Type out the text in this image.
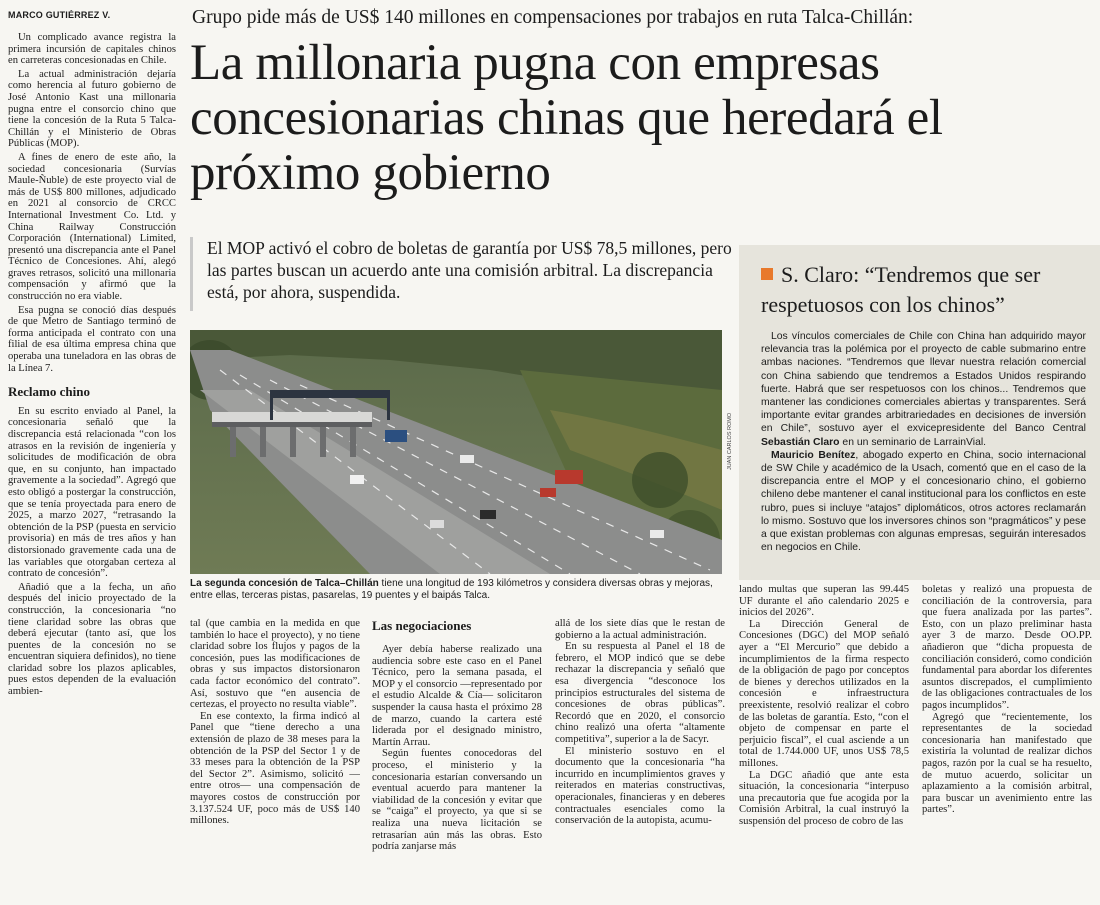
MARCO GUTIÉRREZ V.

Un complicado avance registra la primera incursión de capitales chinos en carreteras concesionadas en Chile.

La actual administración dejaría como herencia al futuro gobierno de José Antonio Kast una millonaria pugna entre el consorcio chino que tiene la concesión de la Ruta 5 Talca-Chillán y el Ministerio de Obras Públicas (MOP).

A fines de enero de este año, la sociedad concesionaria (Survías Maule-Ñuble) de este proyecto vial de más de US$ 800 millones, adjudicado en 2021 al consorcio de CRCC International Investment Co. Ltd. y China Railway Construcción Corporación (International) Limited, presentó una discrepancia ante el Panel Técnico de Concesiones. Ahí, alegó graves retrasos, solicitó una millonaria compensación y afirmó que la construcción no era viable.

Esa pugna se conoció días después de que Metro de Santiago terminó de forma anticipada el contrato con una filial de esa última empresa china que operaba una tuneladora en las obras de la Línea 7.

Reclamo chino

En su escrito enviado al Panel, la concesionaria señaló que la discrepancia está relacionada “con los atrasos en la revisión de ingeniería y solicitudes de modificación de obra que, en su conjunto, han impactado gravemente a la sociedad”. Agregó que esto obligó a postergar la construcción, que se tenía proyectada para enero de 2025, a marzo 2027, “retrasando la obtención de la PSP (puesta en servicio provisoria) en más de tres años y han distorsionado gravemente cada una de las variables que otorgaban certeza al contrato de concesión”.

Añadió que a la fecha, un año después del inicio proyectado de la construcción, la concesionaria “no tiene claridad sobre las obras que deberá ejecutar (tanto así, que los puentes de la concesión no se encuentran siquiera definidos), no tiene claridad sobre los plazos aplicables, pues estos dependen de la evaluación ambien-

Grupo pide más de US$ 140 millones en compensaciones por trabajos en ruta Talca-Chillán:
La millonaria pugna con empresas concesionarias chinas que heredará el próximo gobierno
El MOP activó el cobro de boletas de garantía por US$ 78,5 millones, pero las partes buscan un acuerdo ante una comisión arbitral. La discrepancia está, por ahora, suspendida.
JUAN CARLOS ROMO
La segunda concesión de Talca–Chillán tiene una longitud de 193 kilómetros y considera diversas obras y mejoras, entre ellas, terceras pistas, pasarelas, 19 puentes y el baipás Talca.
S. Claro: “Tendremos que ser respetuosos con los chinos”

Los vínculos comerciales de Chile con China han adquirido mayor relevancia tras la polémica por el proyecto de cable submarino entre ambas naciones. “Tendremos que llevar nuestra relación comercial con China sabiendo que tendremos a Estados Unidos respirando fuerte. Habrá que ser respetuosos con los chinos... Tendremos que mantener las condiciones comerciales abiertas y transparentes. Será importante evitar grandes arbitrariedades en decisiones de inversión en Chile”, sostuvo ayer el exvicepresidente del Banco Central Sebastián Claro en un seminario de LarrainVial.

Mauricio Benítez, abogado experto en China, socio internacional de SW Chile y académico de la Usach, comentó que en el caso de la discrepancia entre el MOP y el concesionario chino, el gobierno chileno debe mantener el canal institucional para los conflictos en este rubro, pues si incluye “atajos” diplomáticos, otros actores reclamarán lo mismo. Sostuvo que los inversores chinos son “pragmáticos” y pese a que existan problemas con algunas empresas, seguirán interesados en negocios en Chile.

tal (que cambia en la medida en que también lo hace el proyecto), y no tiene claridad sobre los flujos y pagos de la concesión, pues las modificaciones de obras y sus impactos distorsionaron cada factor económico del contrato”. Así, sostuvo que “en ausencia de certezas, el proyecto no resulta viable”.

En ese contexto, la firma indicó al Panel que “tiene derecho a una extensión de plazo de 38 meses para la obtención de la PSP del Sector 1 y de 33 meses para la obtención de la PSP del Sector 2”. Asimismo, solicitó —entre otros— una compensación de mayores costos de construcción por 3.137.524 UF, poco más de US$ 140 millones.

Las negociaciones

Ayer debía haberse realizado una audiencia sobre este caso en el Panel Técnico, pero la semana pasada, el MOP y el consorcio —representado por el estudio Alcalde & Cía— solicitaron suspender la causa hasta el próximo 28 de marzo, cuando la cartera esté liderada por el designado ministro, Martín Arrau.

Según fuentes conocedoras del proceso, el ministerio y la concesionaria estarían conversando un eventual acuerdo para mantener la viabilidad de la concesión y evitar que se “caiga” el proyecto, ya que si se realiza una nueva licitación se retrasarían aún más las obras. Esto podría zanjarse más

allá de los siete días que le restan de gobierno a la actual administración.

En su respuesta al Panel el 18 de febrero, el MOP indicó que se debe rechazar la discrepancia y señaló que esa divergencia “desconoce los principios estructurales del sistema de concesiones de obras públicas”. Recordó que en 2020, el consorcio chino realizó una oferta “altamente competitiva”, superior a la de Sacyr.

El ministerio sostuvo en el documento que la concesionaria “ha incurrido en incumplimientos graves y reiterados en materias constructivas, operacionales, financieras y en deberes contractuales esenciales como la conservación de la autopista, acumu-

lando multas que superan las 99.445 UF durante el año calendario 2025 e inicios del 2026”.

La Dirección General de Concesiones (DGC) del MOP señaló ayer a “El Mercurio” que debido a incumplimientos de la firma respecto de la obligación de pago por conceptos de bienes y derechos utilizados en la concesión e infraestructura preexistente, resolvió realizar el cobro de las boletas de garantía. Esto, “con el objeto de compensar en parte el perjuicio fiscal”, el cual asciende a un total de 1.744.000 UF, unos US$ 78,5 millones.

La DGC añadió que ante esta situación, la concesionaria “interpuso una precautoria que fue acogida por la Comisión Arbitral, la cual instruyó la suspensión del proceso de cobro de las

boletas y realizó una propuesta de conciliación de la controversia, para que fuera analizada por las partes”. Esto, con un plazo preliminar hasta ayer 3 de marzo. Desde OO.PP. añadieron que “dicha propuesta de conciliación consideró, como condición fundamental para abordar los diferentes asuntos discrepados, el cumplimiento de las obligaciones contractuales de los pagos incumplidos”.

Agregó que “recientemente, los representantes de la sociedad concesionaria han manifestado que existiría la voluntad de realizar dichos pagos, razón por la cual se ha resuelto, de mutuo acuerdo, solicitar un aplazamiento a la comisión arbitral, para buscar un avenimiento entre las partes”.
